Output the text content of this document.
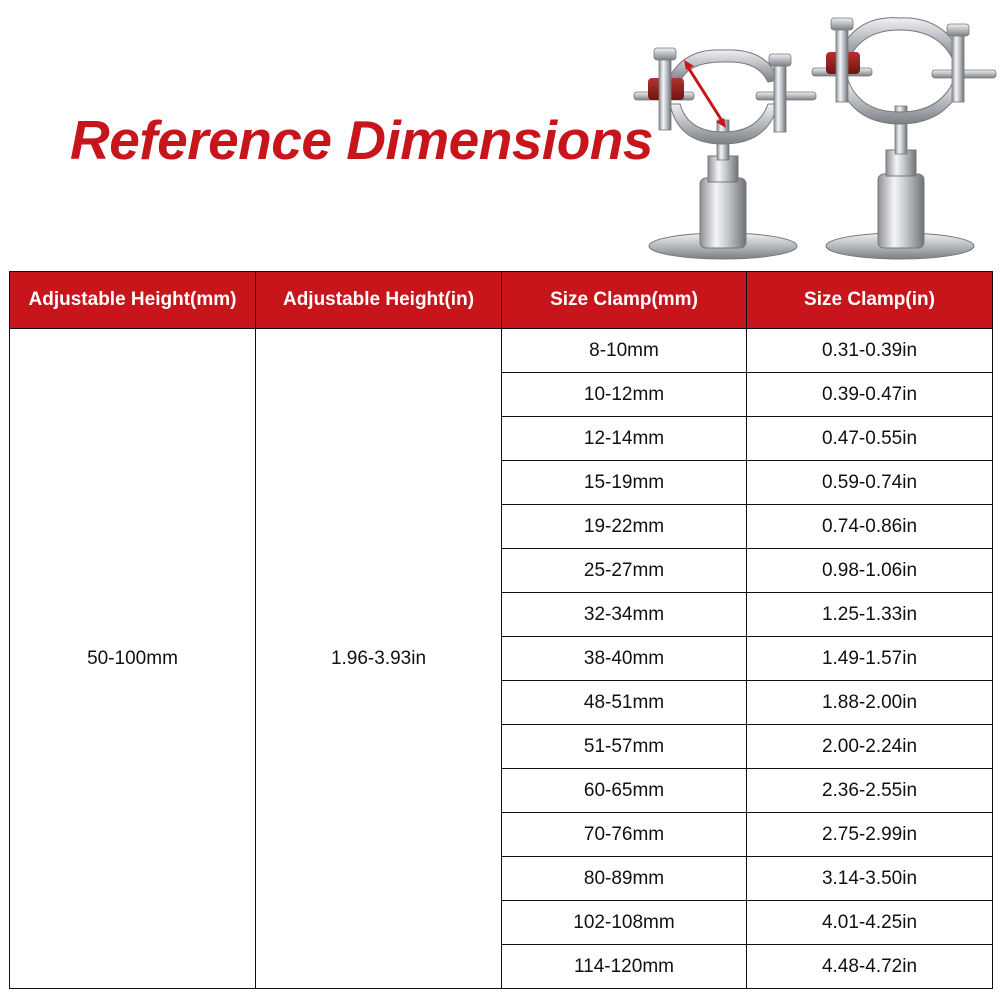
Reference Dimensions
Adjustable Height(mm)	Adjustable Height(in)	Size Clamp(mm)	Size Clamp(in)
50-100mm	1.96-3.93in	8-10mm	0.31-0.39in
		10-12mm	0.39-0.47in
		12-14mm	0.47-0.55in
		15-19mm	0.59-0.74in
		19-22mm	0.74-0.86in
		25-27mm	0.98-1.06in
		32-34mm	1.25-1.33in
		38-40mm	1.49-1.57in
		48-51mm	1.88-2.00in
		51-57mm	2.00-2.24in
		60-65mm	2.36-2.55in
		70-76mm	2.75-2.99in
		80-89mm	3.14-3.50in
		102-108mm	4.01-4.25in
		114-120mm	4.48-4.72in
